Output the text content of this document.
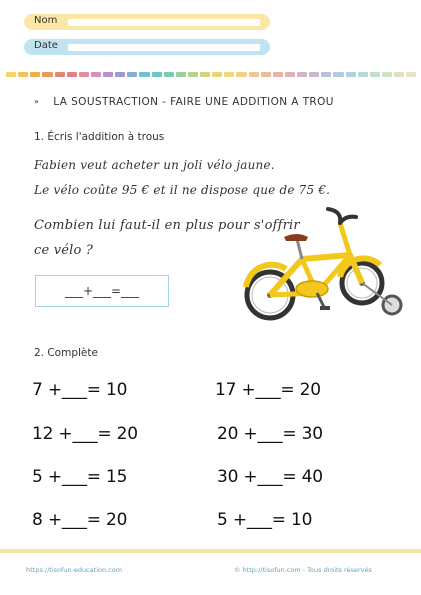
Nom
Date
» LA SOUSTRACTION - FAIRE UNE ADDITION A TROU
1. Écris l'addition à trous
Fabien veut acheter un joli vélo jaune.
Le vélo coûte 95 € et il ne dispose que de 75 €.
Combien lui faut-il en plus pour s'offrir
ce vélo ?
___+___=___
2. Complète
7 +___= 10	17 +___= 20
12 +___= 20	20 +___= 30
5 +___= 15	30 +___= 40
8 +___= 20	5 +___= 10
https://tisofun-education.com	© http://tisofun.com - Tous droits réservés
